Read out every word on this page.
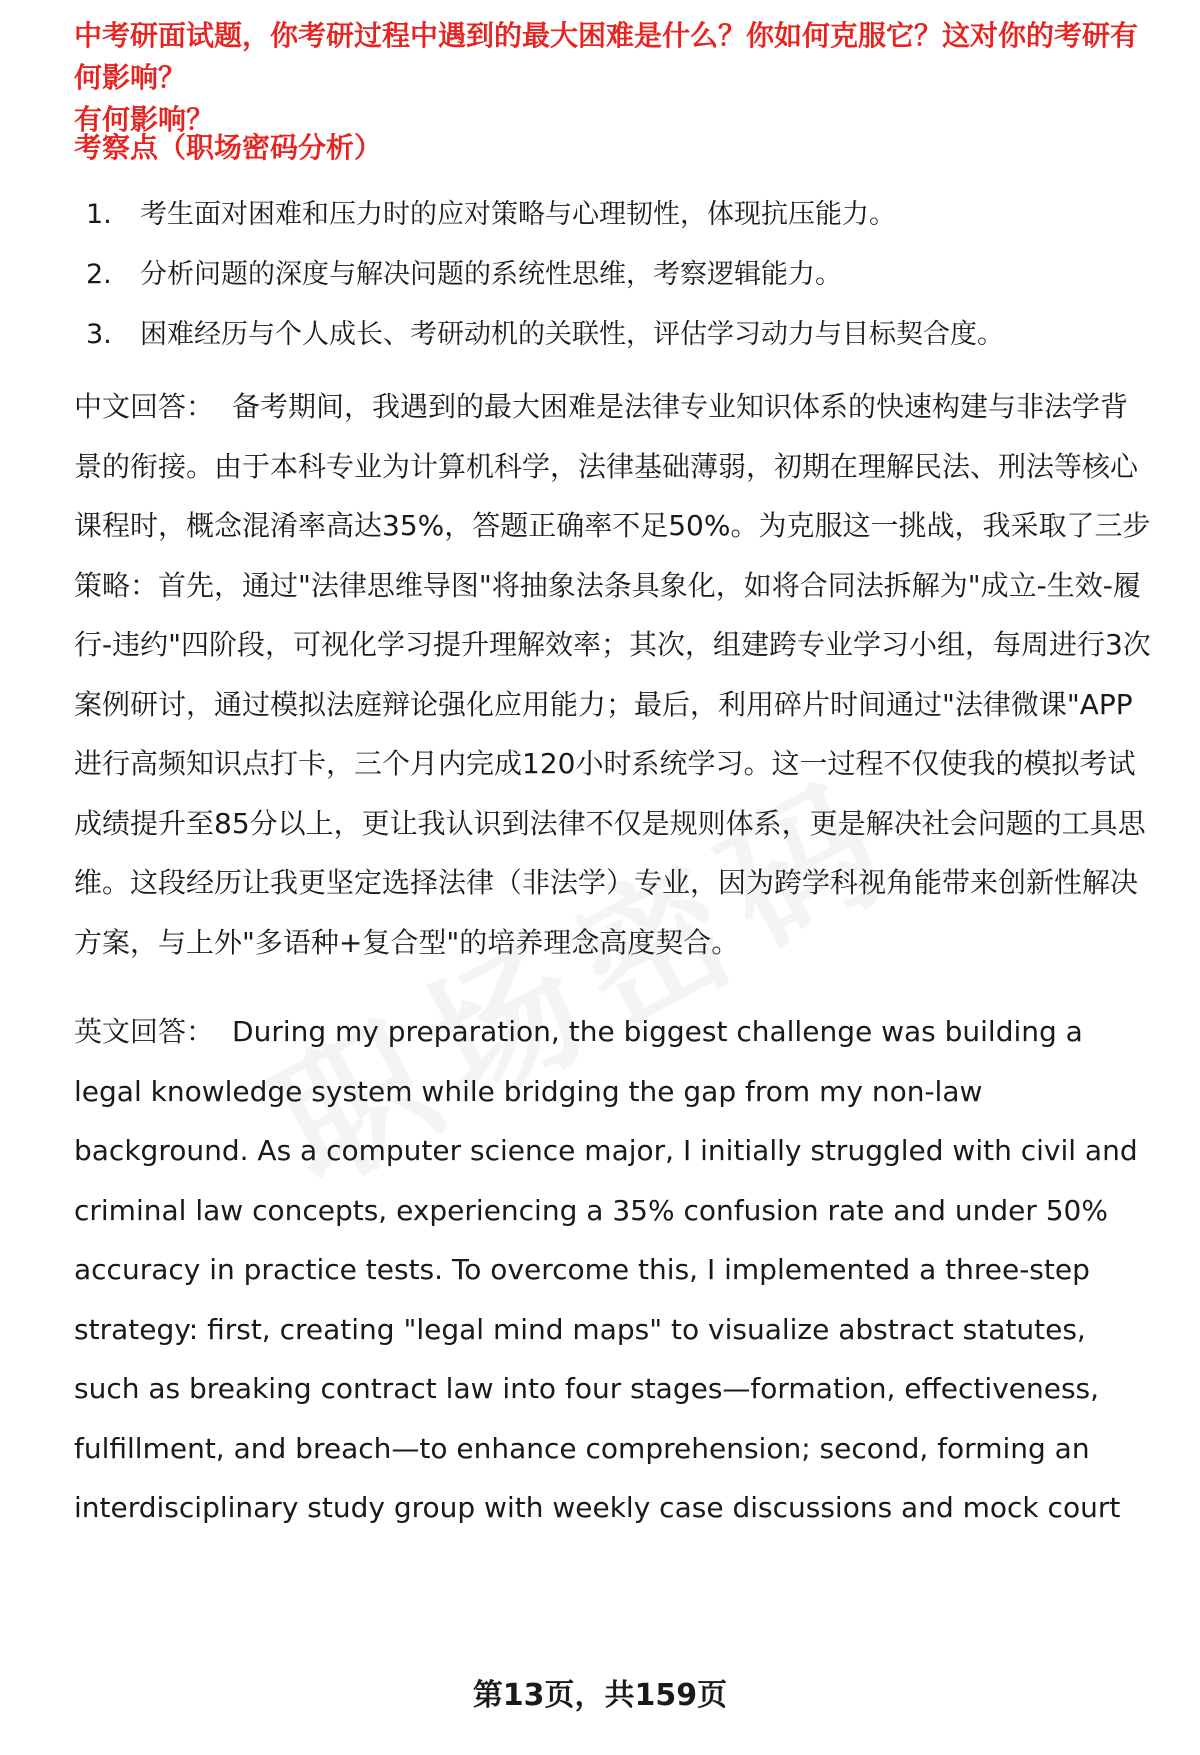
中考研面试题，你考研过程中遇到的最大困难是什么？你如何克服它？这对你的考研有何影响？
有何影响？
考察点（职场密码分析）
1.	考生面对困难和压力时的应对策略与心理韧性，体现抗压能力。
2.	分析问题的深度与解决问题的系统性思维，考察逻辑能力。
3.	困难经历与个人成长、考研动机的关联性，评估学习动力与目标契合度。

中文回答： 备考期间，我遇到的最大困难是法律专业知识体系的快速构建与非法学背景的衔接。由于本科专业为计算机科学，法律基础薄弱，初期在理解民法、刑法等核心课程时，概念混淆率高达35%，答题正确率不足50%。为克服这一挑战，我采取了三步策略：首先，通过"法律思维导图"将抽象法条具象化，如将合同法拆解为"成立-生效-履行-违约"四阶段，可视化学习提升理解效率；其次，组建跨专业学习小组，每周进行3次案例研讨，通过模拟法庭辩论强化应用能力；最后，利用碎片时间通过"法律微课"APP进行高频知识点打卡，三个月内完成120小时系统学习。这一过程不仅使我的模拟考试成绩提升至85分以上，更让我认识到法律不仅是规则体系，更是解决社会问题的工具思维。这段经历让我更坚定选择法律（非法学）专业，因为跨学科视角能带来创新性解决方案，与上外"多语种+复合型"的培养理念高度契合。

英文回答： During my preparation, the biggest challenge was building a legal knowledge system while bridging the gap from my non-law background. As a computer science major, I initially struggled with civil and criminal law concepts, experiencing a 35% confusion rate and under 50% accuracy in practice tests. To overcome this, I implemented a three-step strategy: first, creating "legal mind maps" to visualize abstract statutes, such as breaking contract law into four stages—formation, effectiveness, fulfillment, and breach—to enhance comprehension; second, forming an interdisciplinary study group with weekly case discussions and mock court

第13页，共159页
